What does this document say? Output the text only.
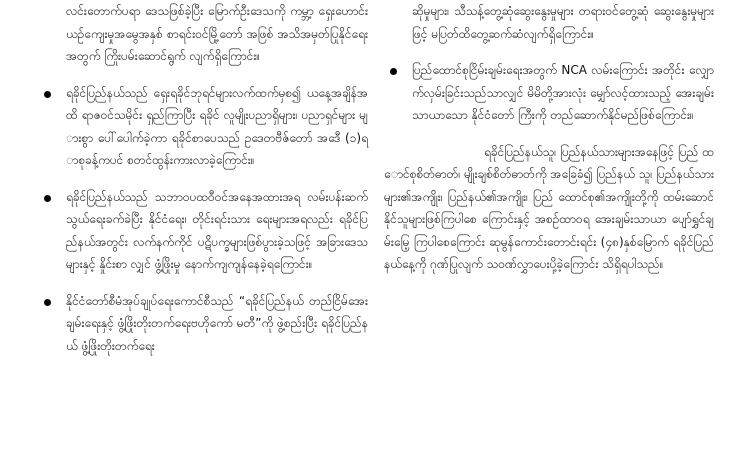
လင်းတောက်ပရာ ဒေသဖြစ်ခဲ့ပြီး မြောက်ဦးဒေသကို ကမ္ဘာ့ ရှေးဟောင်း ယဉ်ကျေးမှုအမွေအနှစ် စာရင်းဝင်မြို့တော် အဖြစ် အသိအမှတ်ပြုနိုင်ရေးအတွက် ကြိုးပမ်းဆောင်ရွက် လျက်ရှိကြောင်း။
ရခိုင်ပြည်နယ်သည် ရှေးရခိုင်ဘုရင်များလက်ထက်မှစ၍ ယနေ့အချိန်အထိ ရာဇဝင်သမိုင်း ရှည်ကြာပြီး ရခိုင် လူမျိုးပညာရှိများ၊ ပညာရှင်များ များစွာ ပေါ်ပေါက်ခဲ့ကာ ရခိုင်စာပေသည် ဥဒေတဗီဇ်တော် အဒေီ (၁)ရာစုခန့်ကပင် စတင်ထွန်းကားလာခဲ့ကြောင်း။
ရခိုင်ပြည်နယ်သည် သဘာဝပထဝီဝင်အနေအထားအရ လမ်းပန်းဆက်သွယ်ရေးခက်ခဲပြီး နိုင်ငံရေး၊ တိုင်းရင်းသား ရေးများအရလည်း ရခိုင်ပြည်နယ်အတွင်း လက်နက်ကိုင် ပဋိပက္ခများဖြစ်ပွားခဲ့သဖြင့် အခြားဒေသများနှင့် နှိုင်းစာ လျှင် ဖွံ့ဖြိုးမှု နောက်ကျကျန်နေခဲ့ရကြောင်း။
နိုင်ငံတော်စီမံအုပ်ချုပ်ရေးကောင်စီသည် “ရခိုင်ပြည်နယ် တည်ငြိမ်အေးချမ်းရေးနှင့် ဖွံ့ဖြိုးတိုးတက်ရေးဗဟိုကော် မတီ”ကို ဖွဲ့စည်းပြီး ရခိုင်ပြည်နယ် ဖွံ့ဖြိုးတိုးတက်ရေး
ဆိုမှုများ၊ သီသန့်တွေ့ဆုံဆွေးနွေးမှုများ တရားဝင်တွေ့ဆုံ ဆွေးနွေးမှုများဖြင့် မပြတ်ထိတွေ့ဆက်ဆံလျက်ရှိကြောင်း။
ပြည်ထောင်စုငြိမ်းချမ်းရေးအတွက် NCA လမ်းကြောင်း အတိုင်း လျှောက်လှမ်းခြင်းသည်သာလျှင် မိမိတို့အားလုံး မျှော်လင့်ထားသည့် အေးချမ်းသာယာသော နိုင်ငံတော် ကြီးကို တည်ဆောက်နိုင်မည်ဖြစ်ကြောင်း။
ရခိုင်ပြည်နယ်သူ၊ ပြည်နယ်သားများအနေဖြင့် ပြည် ထောင်စုစိတ်ဓာတ်၊ မျိုးချစ်စိတ်ဓာတ်ကို အခြေခံ၍ ပြည်နယ် သူ၊ ပြည်နယ်သားများ၏အကျိုး၊ ပြည်နယ်၏အကျိုး၊ ပြည် ထောင်စု၏အကျိုးတို့ကို ထမ်းဆောင်နိုင်သူများဖြစ်ကြပါစေ ကြောင်းနှင့် အစဉ်ထာဝရ အေးချမ်းသာယာ ပျော်ရွှင်ချမ်းမြေ့ ကြပါစေကြောင်း ဆုမွန်ကောင်းတောင်းရင်း (၄၈)နှစ်မြောက် ရခိုင်ပြည်နယ်နေ့ကို ဂုဏ်ပြုလျက် သဝဏ်လွှာပေးပို့ခဲ့ကြောင်း သိရှိရပါသည်။
